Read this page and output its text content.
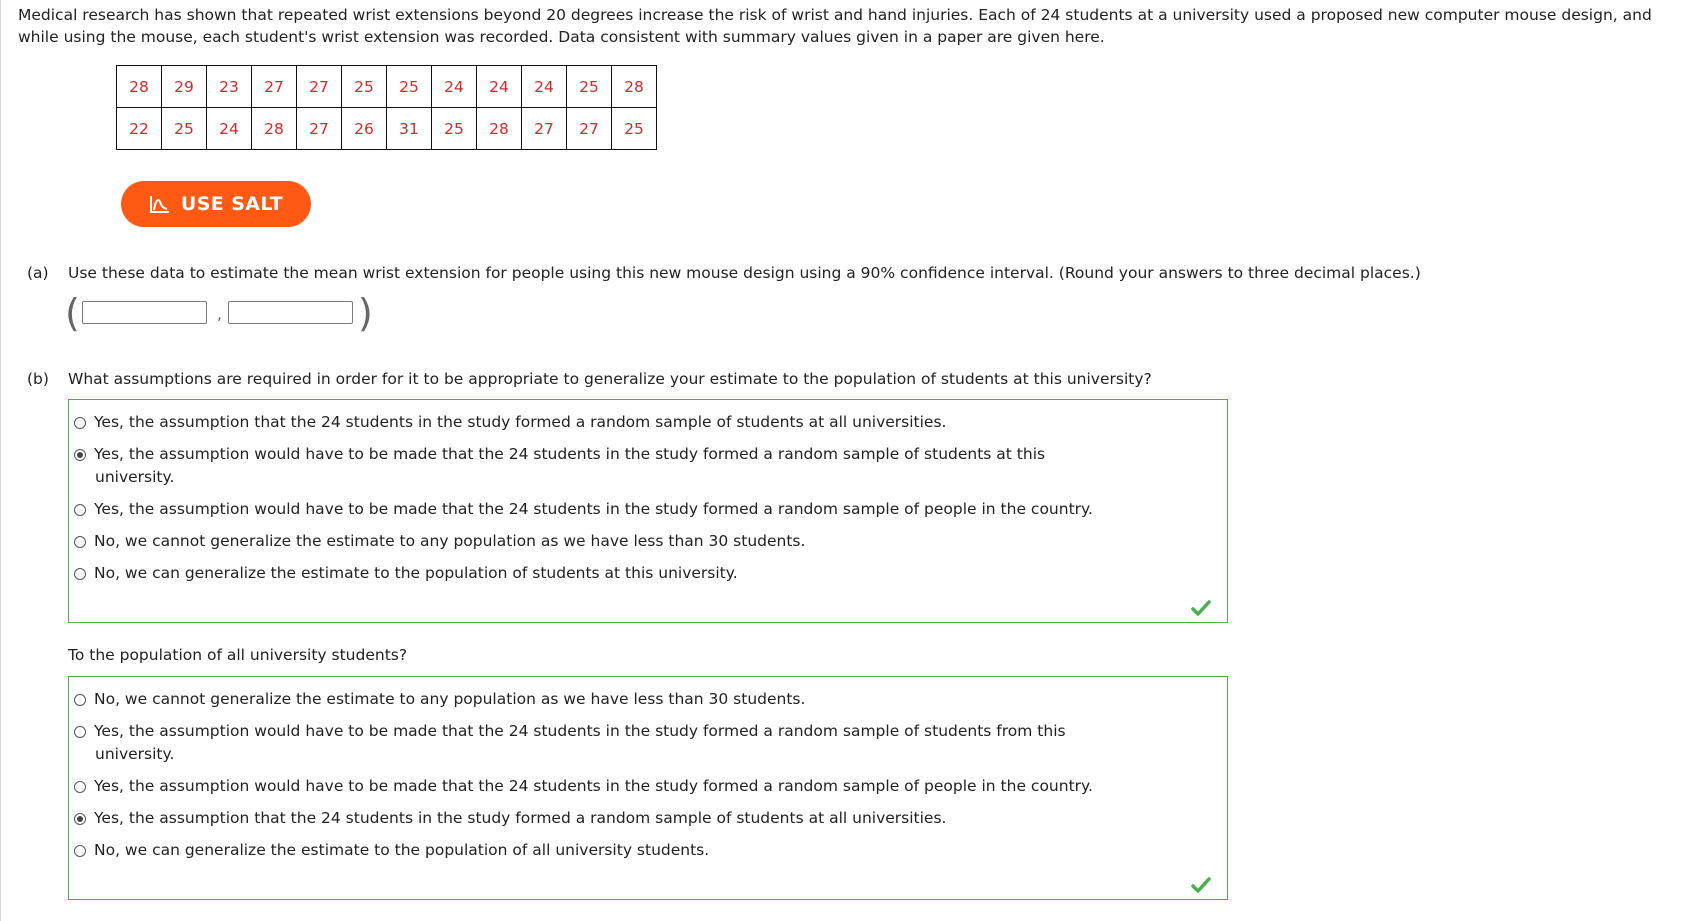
Medical research has shown that repeated wrist extensions beyond 20 degrees increase the risk of wrist and hand injuries. Each of 24 students at a university used a proposed new computer mouse design, and while using the mouse, each student's wrist extension was recorded. Data consistent with summary values given in a paper are given here.

28	29	23	27	27	25	25	24	24	24	25	28
22	25	24	28	27	26	31	25	28	27	27	25
USE SALT

(a) Use these data to estimate the mean wrist extension for people using this new mouse design using a 90% confidence interval. (Round your answers to three decimal places.)

(	,	)

(b) What assumptions are required in order for it to be appropriate to generalize your estimate to the population of students at this university?

Yes, the assumption that the 24 students in the study formed a random sample of students at all universities.
Yes, the assumption would have to be made that the 24 students in the study formed a random sample of students at this
university.
Yes, the assumption would have to be made that the 24 students in the study formed a random sample of people in the country.
No, we cannot generalize the estimate to any population as we have less than 30 students.
No, we can generalize the estimate to the population of students at this university.

To the population of all university students?

No, we cannot generalize the estimate to any population as we have less than 30 students.
Yes, the assumption would have to be made that the 24 students in the study formed a random sample of students from this
university.
Yes, the assumption would have to be made that the 24 students in the study formed a random sample of people in the country.
Yes, the assumption that the 24 students in the study formed a random sample of students at all universities.
No, we can generalize the estimate to the population of all university students.
